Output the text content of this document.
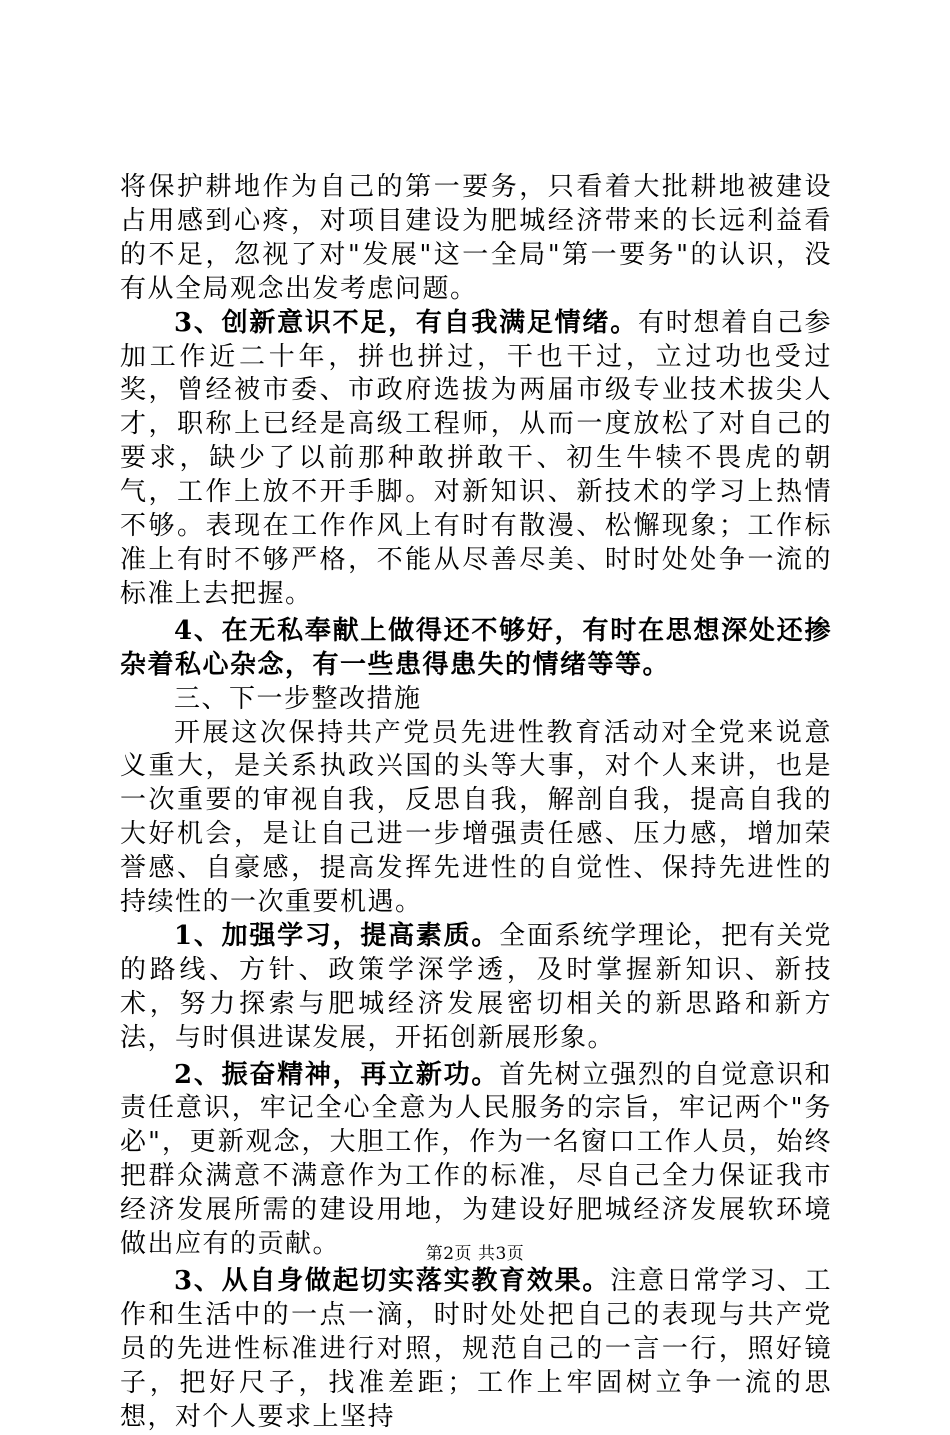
将保护耕地作为自己的第一要务，只看着大批耕地被建设占用感到心疼，对项目建设为肥城经济带来的长远利益看的不足，忽视了对"发展"这一全局"第一要务"的认识，没有从全局观念出发考虑问题。

3、创新意识不足，有自我满足情绪。有时想着自己参加工作近二十年，拼也拼过，干也干过，立过功也受过奖，曾经被市委、市政府选拔为两届市级专业技术拔尖人才，职称上已经是高级工程师，从而一度放松了对自己的要求，缺少了以前那种敢拼敢干、初生牛犊不畏虎的朝气，工作上放不开手脚。对新知识、新技术的学习上热情不够。表现在工作作风上有时有散漫、松懈现象；工作标准上有时不够严格，不能从尽善尽美、时时处处争一流的标准上去把握。

4、在无私奉献上做得还不够好，有时在思想深处还掺杂着私心杂念，有一些患得患失的情绪等等。

三、下一步整改措施

开展这次保持共产党员先进性教育活动对全党来说意义重大，是关系执政兴国的头等大事，对个人来讲，也是一次重要的审视自我，反思自我，解剖自我，提高自我的大好机会，是让自己进一步增强责任感、压力感，增加荣誉感、自豪感，提高发挥先进性的自觉性、保持先进性的持续性的一次重要机遇。

1、加强学习，提高素质。全面系统学理论，把有关党的路线、方针、政策学深学透，及时掌握新知识、新技术，努力探索与肥城经济发展密切相关的新思路和新方法，与时俱进谋发展，开拓创新展形象。

2、振奋精神，再立新功。首先树立强烈的自觉意识和责任意识，牢记全心全意为人民服务的宗旨，牢记两个"务必"，更新观念，大胆工作，作为一名窗口工作人员，始终把群众满意不满意作为工作的标准，尽自己全力保证我市经济发展所需的建设用地，为建设好肥城经济发展软环境做出应有的贡献。

3、从自身做起切实落实教育效果。注意日常学习、工作和生活中的一点一滴，时时处处把自己的表现与共产党员的先进性标准进行对照，规范自己的一言一行，照好镜子，把好尺子，找准差距；工作上牢固树立争一流的思想，对个人要求上坚持

第2页 共3页
